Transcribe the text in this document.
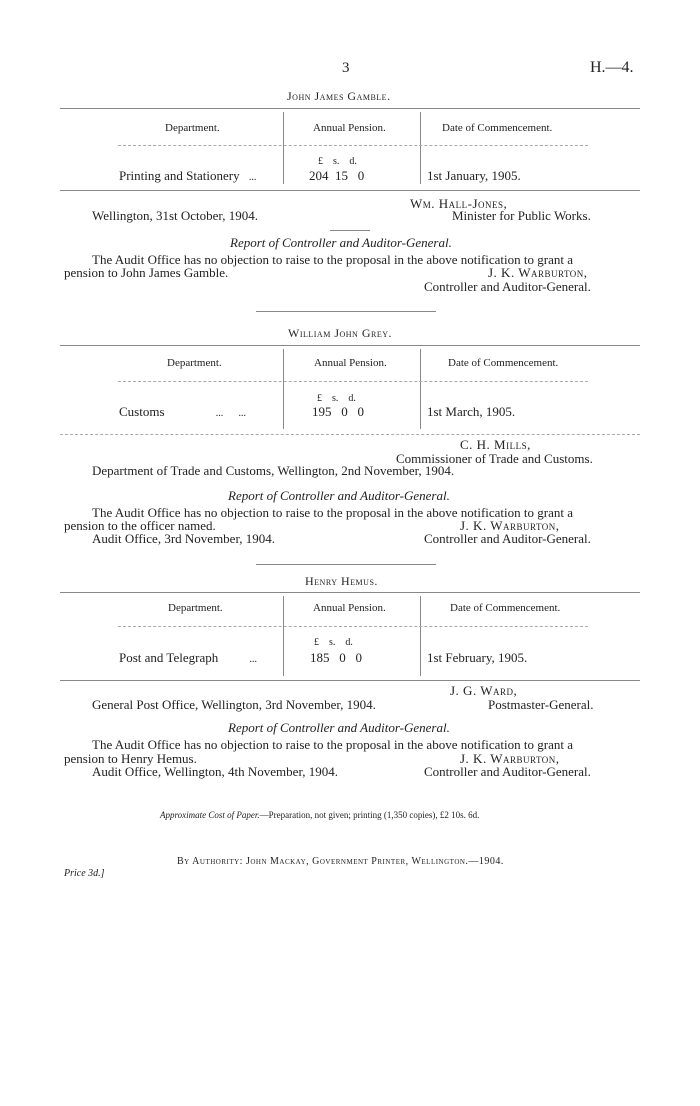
3	H.—4.
John James Gamble.
Department.	Annual Pension.	Date of Commencement.
£ s. d.
Printing and Stationery ...	204 15 0	1st January, 1905.
Wm. Hall-Jones,
Wellington, 31st October, 1904.	Minister for Public Works.
Report of Controller and Auditor-General.
The Audit Office has no objection to raise to the proposal in the above notification to grant a
pension to John James Gamble.	J. K. Warburton,
Controller and Auditor-General.
William John Grey.
Department.	Annual Pension.	Date of Commencement.
£ s. d.
Customs	... ...	195 0 0	1st March, 1905.
C. H. Mills,
Commissioner of Trade and Customs.
Department of Trade and Customs, Wellington, 2nd November, 1904.
Report of Controller and Auditor-General.
The Audit Office has no objection to raise to the proposal in the above notification to grant a
pension to the officer named.	J. K. Warburton,
Audit Office, 3rd November, 1904.	Controller and Auditor-General.
Henry Hemus.
Department.	Annual Pension.	Date of Commencement.
£ s. d.
Post and Telegraph	...	185 0 0	1st February, 1905.
J. G. Ward,
General Post Office, Wellington, 3rd November, 1904.	Postmaster-General.
Report of Controller and Auditor-General.
The Audit Office has no objection to raise to the proposal in the above notification to grant a
pension to Henry Hemus.	J. K. Warburton,
Audit Office, Wellington, 4th November, 1904.	Controller and Auditor-General.
Approximate Cost of Paper.—Preparation, not given; printing (1,350 copies), £2 10s. 6d.
By Authority: John Mackay, Government Printer, Wellington.—1904.
Price 3d.]
